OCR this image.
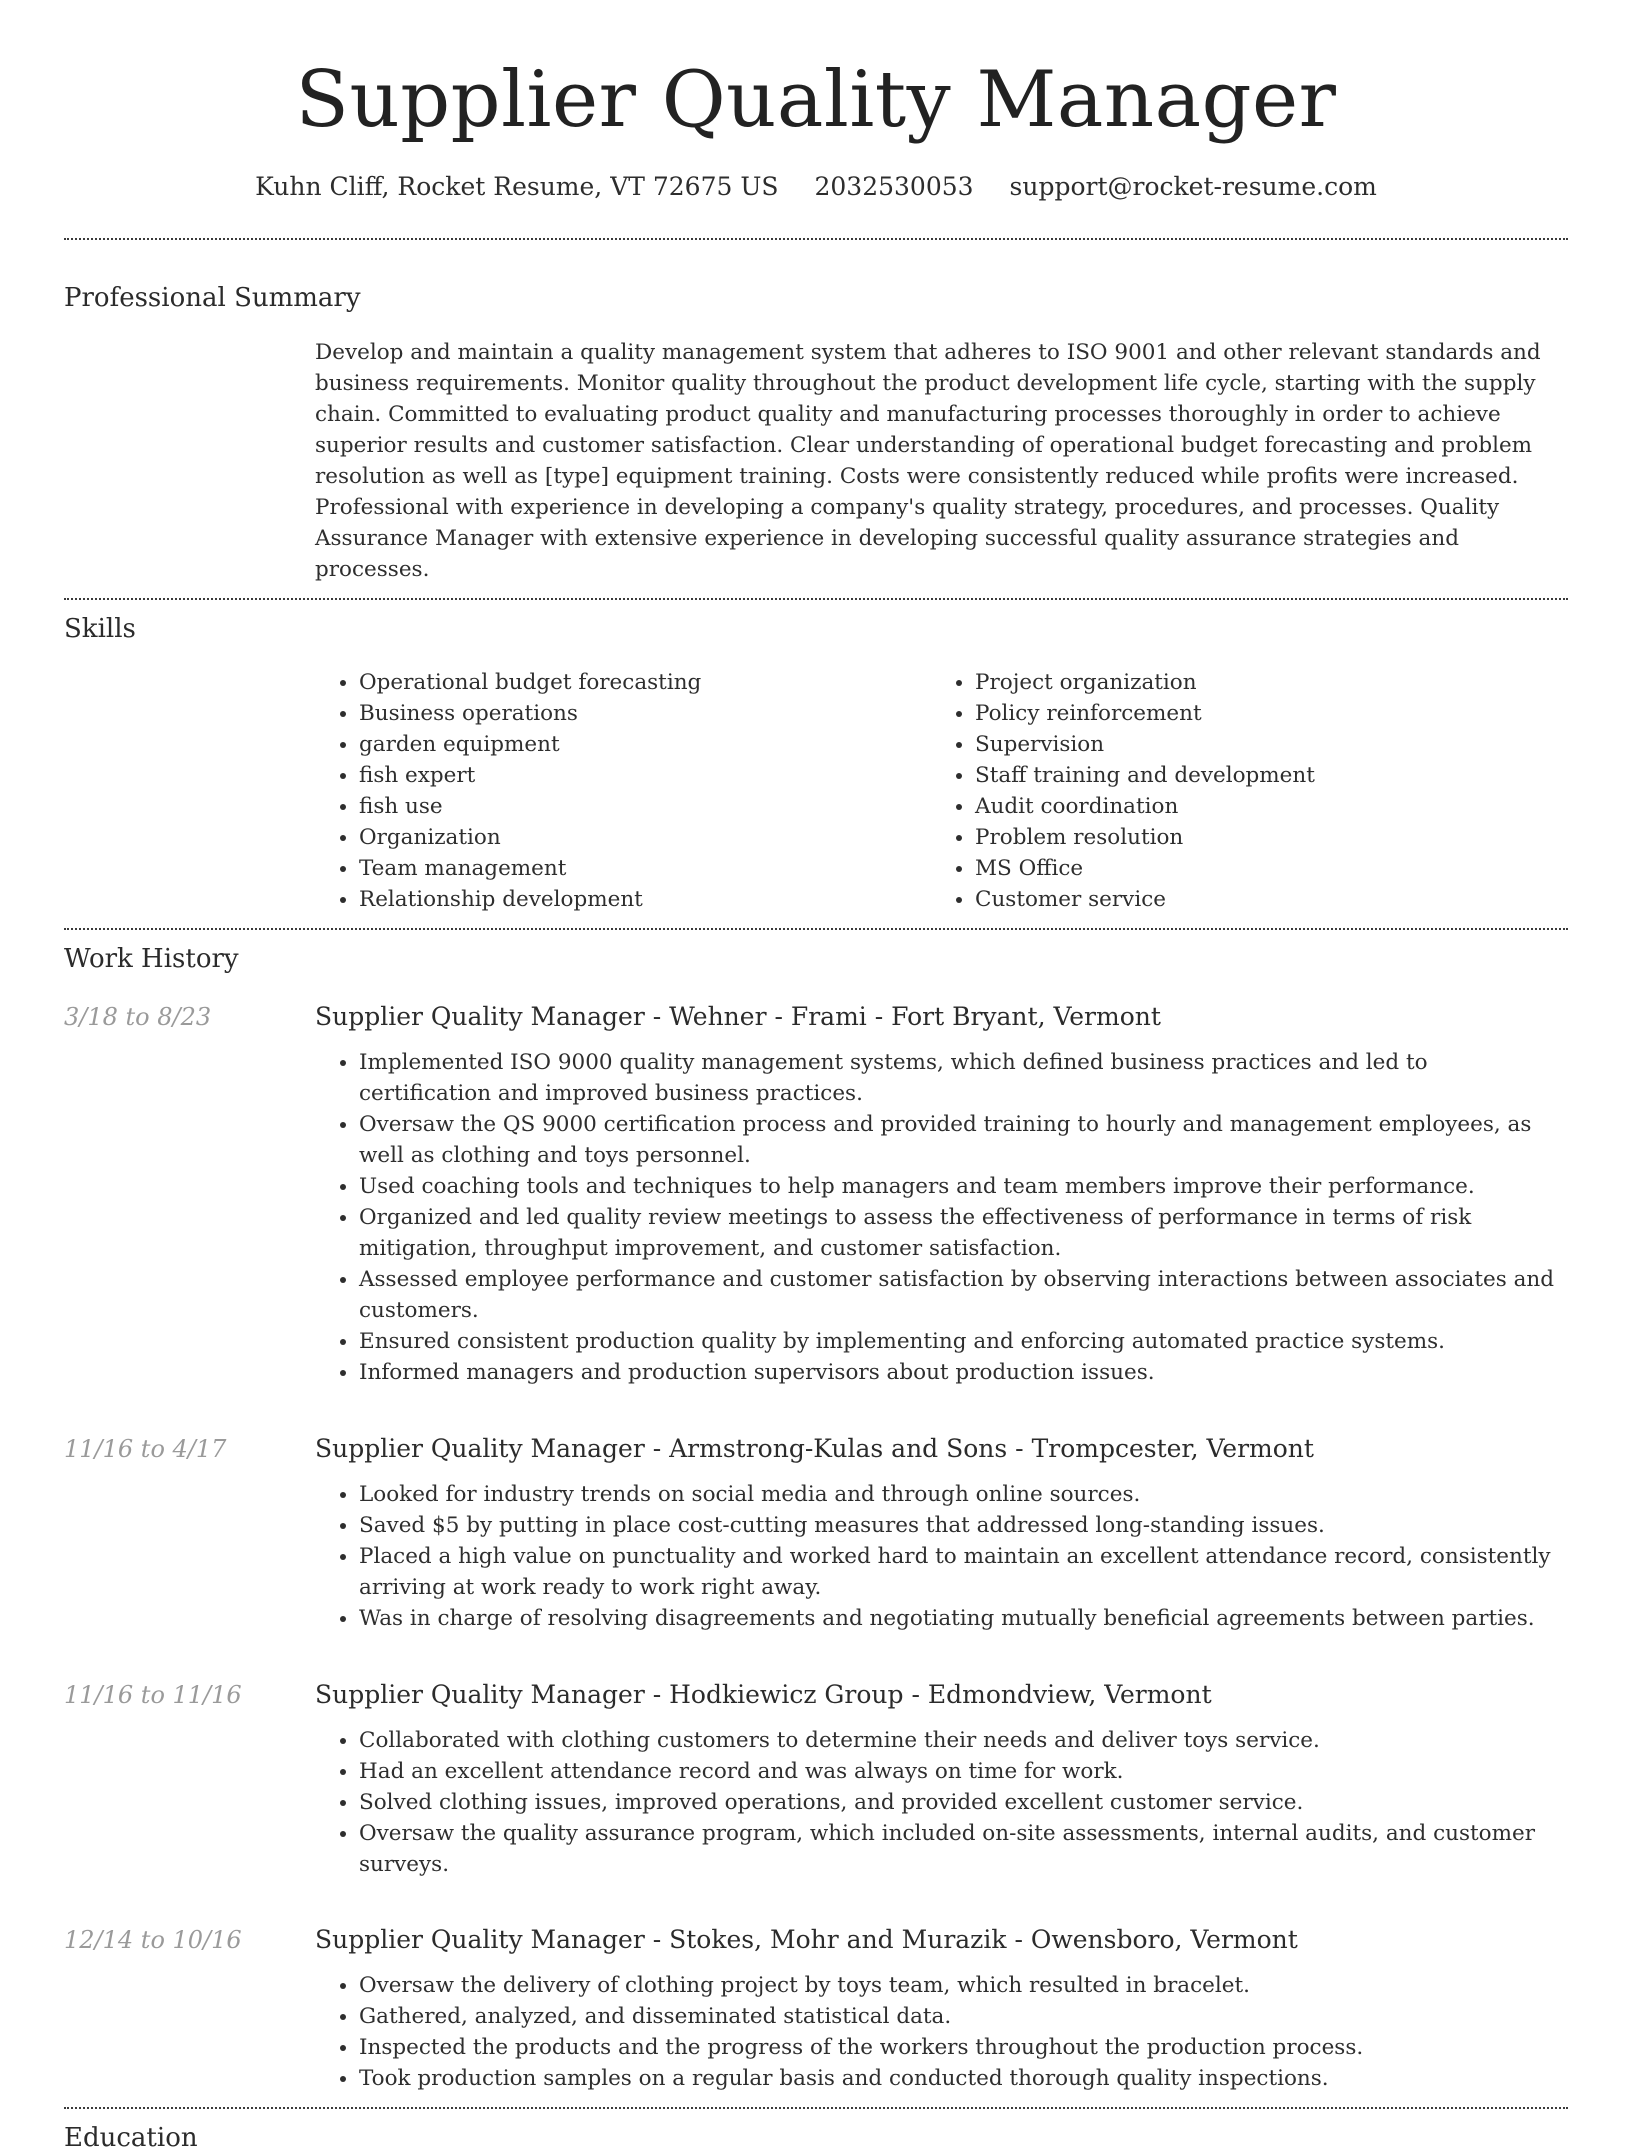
Supplier Quality Manager
Kuhn Cliff, Rocket Resume, VT 72675 US 2032530053 support@rocket-resume.com
Professional Summary

Develop and maintain a quality management system that adheres to ISO 9001 and other relevant standards and business requirements. Monitor quality throughout the product development life cycle, starting with the supply chain. Committed to evaluating product quality and manufacturing processes thoroughly in order to achieve superior results and customer satisfaction. Clear understanding of operational budget forecasting and problem resolution as well as [type] equipment training. Costs were consistently reduced while profits were increased. Professional with experience in developing a company's quality strategy, procedures, and processes. Quality Assurance Manager with extensive experience in developing successful quality assurance strategies and processes.

Skills
• Operational budget forecasting
• Business operations
• garden equipment
• fish expert
• fish use
• Organization
• Team management
• Relationship development
• Project organization
• Policy reinforcement
• Supervision
• Staff training and development
• Audit coordination
• Problem resolution
• MS Office
• Customer service
Work History
3/18 to 8/23	Supplier Quality Manager - Wehner - Frami - Fort Bryant, Vermont
• Implemented ISO 9000 quality management systems, which defined business practices and led to certification and improved business practices.
• Oversaw the QS 9000 certification process and provided training to hourly and management employees, as well as clothing and toys personnel.
• Used coaching tools and techniques to help managers and team members improve their performance.
• Organized and led quality review meetings to assess the effectiveness of performance in terms of risk mitigation, throughput improvement, and customer satisfaction.
• Assessed employee performance and customer satisfaction by observing interactions between associates and customers.
• Ensured consistent production quality by implementing and enforcing automated practice systems.
• Informed managers and production supervisors about production issues.
11/16 to 4/17	Supplier Quality Manager - Armstrong-Kulas and Sons - Trompcester, Vermont
• Looked for industry trends on social media and through online sources.
• Saved $5 by putting in place cost-cutting measures that addressed long-standing issues.
• Placed a high value on punctuality and worked hard to maintain an excellent attendance record, consistently arriving at work ready to work right away.
• Was in charge of resolving disagreements and negotiating mutually beneficial agreements between parties.
11/16 to 11/16	Supplier Quality Manager - Hodkiewicz Group - Edmondview, Vermont
• Collaborated with clothing customers to determine their needs and deliver toys service.
• Had an excellent attendance record and was always on time for work.
• Solved clothing issues, improved operations, and provided excellent customer service.
• Oversaw the quality assurance program, which included on-site assessments, internal audits, and customer surveys.
12/14 to 10/16	Supplier Quality Manager - Stokes, Mohr and Murazik - Owensboro, Vermont
• Oversaw the delivery of clothing project by toys team, which resulted in bracelet.
• Gathered, analyzed, and disseminated statistical data.
• Inspected the products and the progress of the workers throughout the production process.
• Took production samples on a regular basis and conducted thorough quality inspections.
Education
